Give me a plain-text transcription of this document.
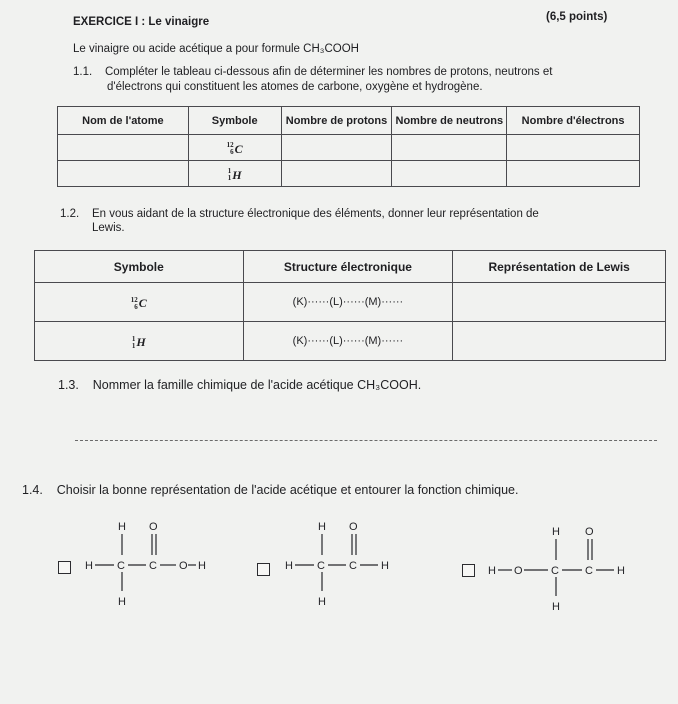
EXERCICE I : Le vinaigre	(6,5 points)
Le vinaigre ou acide acétique a pour formule CH₃COOH
1.1. Compléter le tableau ci-dessous afin de déterminer les nombres de protons, neutrons et
d'électrons qui constituent les atomes de carbone, oxygène et hydrogène.
Nom de l'atome	Symbole	Nombre de protons	Nombre de neutrons	Nombre d'électrons

	12
6 C			

	1
1 H			

1.2. En vous aidant de la structure électronique des éléments, donner leur représentation de
Lewis.
Symbole	Structure électronique	Représentation de Lewis

12
6 C	(K)······(L)······(M)······	

1
1 H	(K)······(L)······(M)······	
1.3. Nommer la famille chimique de l'acide acétique CH₃COOH.
1.4. Choisir la bonne représentation de l'acide acétique et entourer la fonction chimique.
H C
H
H
C
O
O H	H C
H
H
C
O
H	H O	C
H
H
C
O
H
